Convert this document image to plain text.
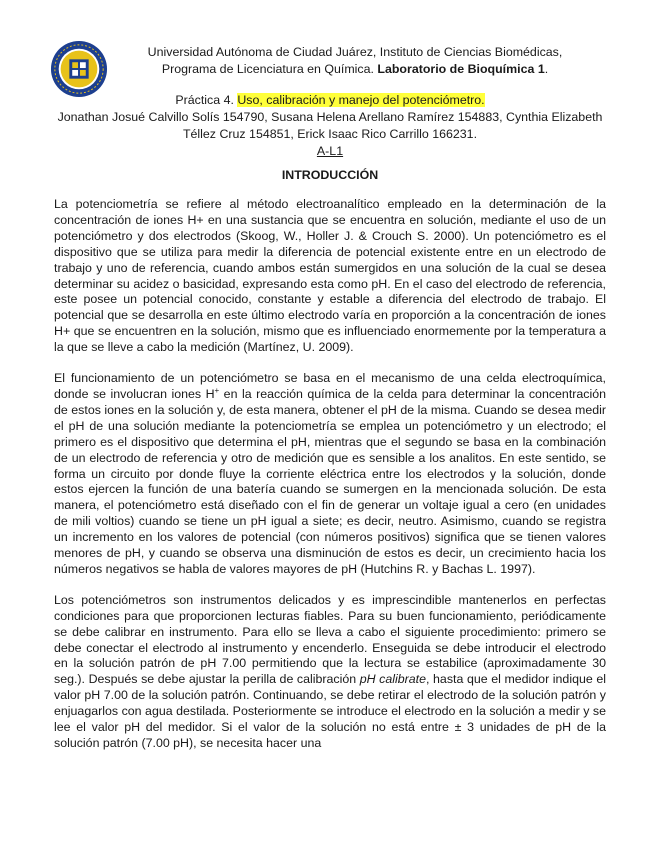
Universidad Autónoma de Ciudad Juárez, Instituto de Ciencias Biomédicas,
Programa de Licenciatura en Química. Laboratorio de Bioquímica 1.
Práctica 4. Uso, calibración y manejo del potenciómetro.
Jonathan Josué Calvillo Solís 154790, Susana Helena Arellano Ramírez 154883, Cynthia Elizabeth Téllez Cruz 154851, Erick Isaac Rico Carrillo 166231.
A-L1
INTRODUCCIÓN

La potenciometría se refiere al método electroanalítico empleado en la determinación de la concentración de iones H+ en una sustancia que se encuentra en solución, mediante el uso de un potenciómetro y dos electrodos (Skoog, W., Holler J. & Crouch S. 2000). Un potenciómetro es el dispositivo que se utiliza para medir la diferencia de potencial existente entre en un electrodo de trabajo y uno de referencia, cuando ambos están sumergidos en una solución de la cual se desea determinar su acidez o basicidad, expresando esta como pH. En el caso del electrodo de referencia, este posee un potencial conocido, constante y estable a diferencia del electrodo de trabajo. El potencial que se desarrolla en este último electrodo varía en proporción a la concentración de iones H+ que se encuentren en la solución, mismo que es influenciado enormemente por la temperatura a la que se lleve a cabo la medición (Martínez, U. 2009).

El funcionamiento de un potenciómetro se basa en el mecanismo de una celda electroquímica, donde se involucran iones H+ en la reacción química de la celda para determinar la concentración de estos iones en la solución y, de esta manera, obtener el pH de la misma. Cuando se desea medir el pH de una solución mediante la potenciometría se emplea un potenciómetro y un electrodo; el primero es el dispositivo que determina el pH, mientras que el segundo se basa en la combinación de un electrodo de referencia y otro de medición que es sensible a los analitos. En este sentido, se forma un circuito por donde fluye la corriente eléctrica entre los electrodos y la solución, donde estos ejercen la función de una batería cuando se sumergen en la mencionada solución. De esta manera, el potenciómetro está diseñado con el fin de generar un voltaje igual a cero (en unidades de mili voltios) cuando se tiene un pH igual a siete; es decir, neutro. Asimismo, cuando se registra un incremento en los valores de potencial (con números positivos) significa que se tienen valores menores de pH, y cuando se observa una disminución de estos es decir, un crecimiento hacia los números negativos se habla de valores mayores de pH (Hutchins R. y Bachas L. 1997).

Los potenciómetros son instrumentos delicados y es imprescindible mantenerlos en perfectas condiciones para que proporcionen lecturas fiables. Para su buen funcionamiento, periódicamente se debe calibrar en instrumento. Para ello se lleva a cabo el siguiente procedimiento: primero se debe conectar el electrodo al instrumento y encenderlo. Enseguida se debe introducir el electrodo en la solución patrón de pH 7.00 permitiendo que la lectura se estabilice (aproximadamente 30 seg.). Después se debe ajustar la perilla de calibración pH calibrate, hasta que el medidor indique el valor pH 7.00 de la solución patrón. Continuando, se debe retirar el electrodo de la solución patrón y enjuagarlos con agua destilada. Posteriormente se introduce el electrodo en la solución a medir y se lee el valor pH del medidor. Si el valor de la solución no está entre ± 3 unidades de pH de la solución patrón (7.00 pH), se necesita hacer una
